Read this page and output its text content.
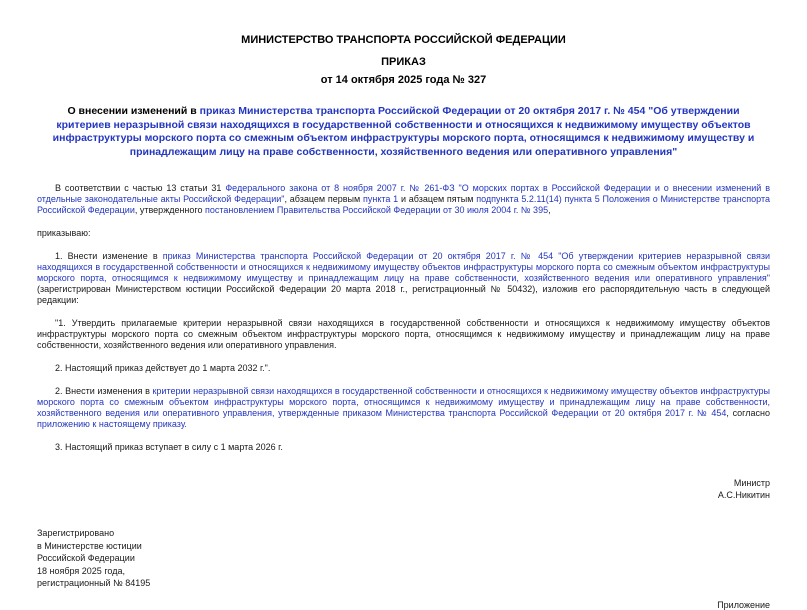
МИНИСТЕРСТВО ТРАНСПОРТА РОССИЙСКОЙ ФЕДЕРАЦИИ
ПРИКАЗ
от 14 октября 2025 года № 327
О внесении изменений в приказ Министерства транспорта Российской Федерации от 20 октября 2017 г. № 454 "Об утверждении критериев неразрывной связи находящихся в государственной собственности и относящихся к недвижимому имуществу объектов инфраструктуры морского порта со смежным объектом инфраструктуры морского порта, относящимся к недвижимому имуществу и принадлежащим лицу на праве собственности, хозяйственного ведения или оперативного управления"

В соответствии с частью 13 статьи 31 Федерального закона от 8 ноября 2007 г. № 261-ФЗ "О морских портах в Российской Федерации и о внесении изменений в отдельные законодательные акты Российской Федерации", абзацем первым пункта 1 и абзацем пятым подпункта 5.2.11(14) пункта 5 Положения о Министерстве транспорта Российской Федерации, утвержденного постановлением Правительства Российской Федерации от 30 июля 2004 г. № 395,

приказываю:

1. Внести изменение в приказ Министерства транспорта Российской Федерации от 20 октября 2017 г. № 454 "Об утверждении критериев неразрывной связи находящихся в государственной собственности и относящихся к недвижимому имуществу объектов инфраструктуры морского порта со смежным объектом инфраструктуры морского порта, относящимся к недвижимому имуществу и принадлежащим лицу на праве собственности, хозяйственного ведения или оперативного управления" (зарегистрирован Министерством юстиции Российской Федерации 20 марта 2018 г., регистрационный № 50432), изложив его распорядительную часть в следующей редакции:

"1. Утвердить прилагаемые критерии неразрывной связи находящихся в государственной собственности и относящихся к недвижимому имуществу объектов инфраструктуры морского порта со смежным объектом инфраструктуры морского порта, относящимся к недвижимому имуществу и принадлежащим лицу на праве собственности, хозяйственного ведения или оперативного управления.

2. Настоящий приказ действует до 1 марта 2032 г.".

2. Внести изменения в критерии неразрывной связи находящихся в государственной собственности и относящихся к недвижимому имуществу объектов инфраструктуры морского порта со смежным объектом инфраструктуры морского порта, относящимся к недвижимому имуществу и принадлежащим лицу на праве собственности, хозяйственного ведения или оперативного управления, утвержденные приказом Министерства транспорта Российской Федерации от 20 октября 2017 г. № 454, согласно приложению к настоящему приказу.

3. Настоящий приказ вступает в силу с 1 марта 2026 г.

Министр
А.С.Никитин
Зарегистрировано
в Министерстве юстиции
Российской Федерации
18 ноября 2025 года,
регистрационный № 84195
Приложение
